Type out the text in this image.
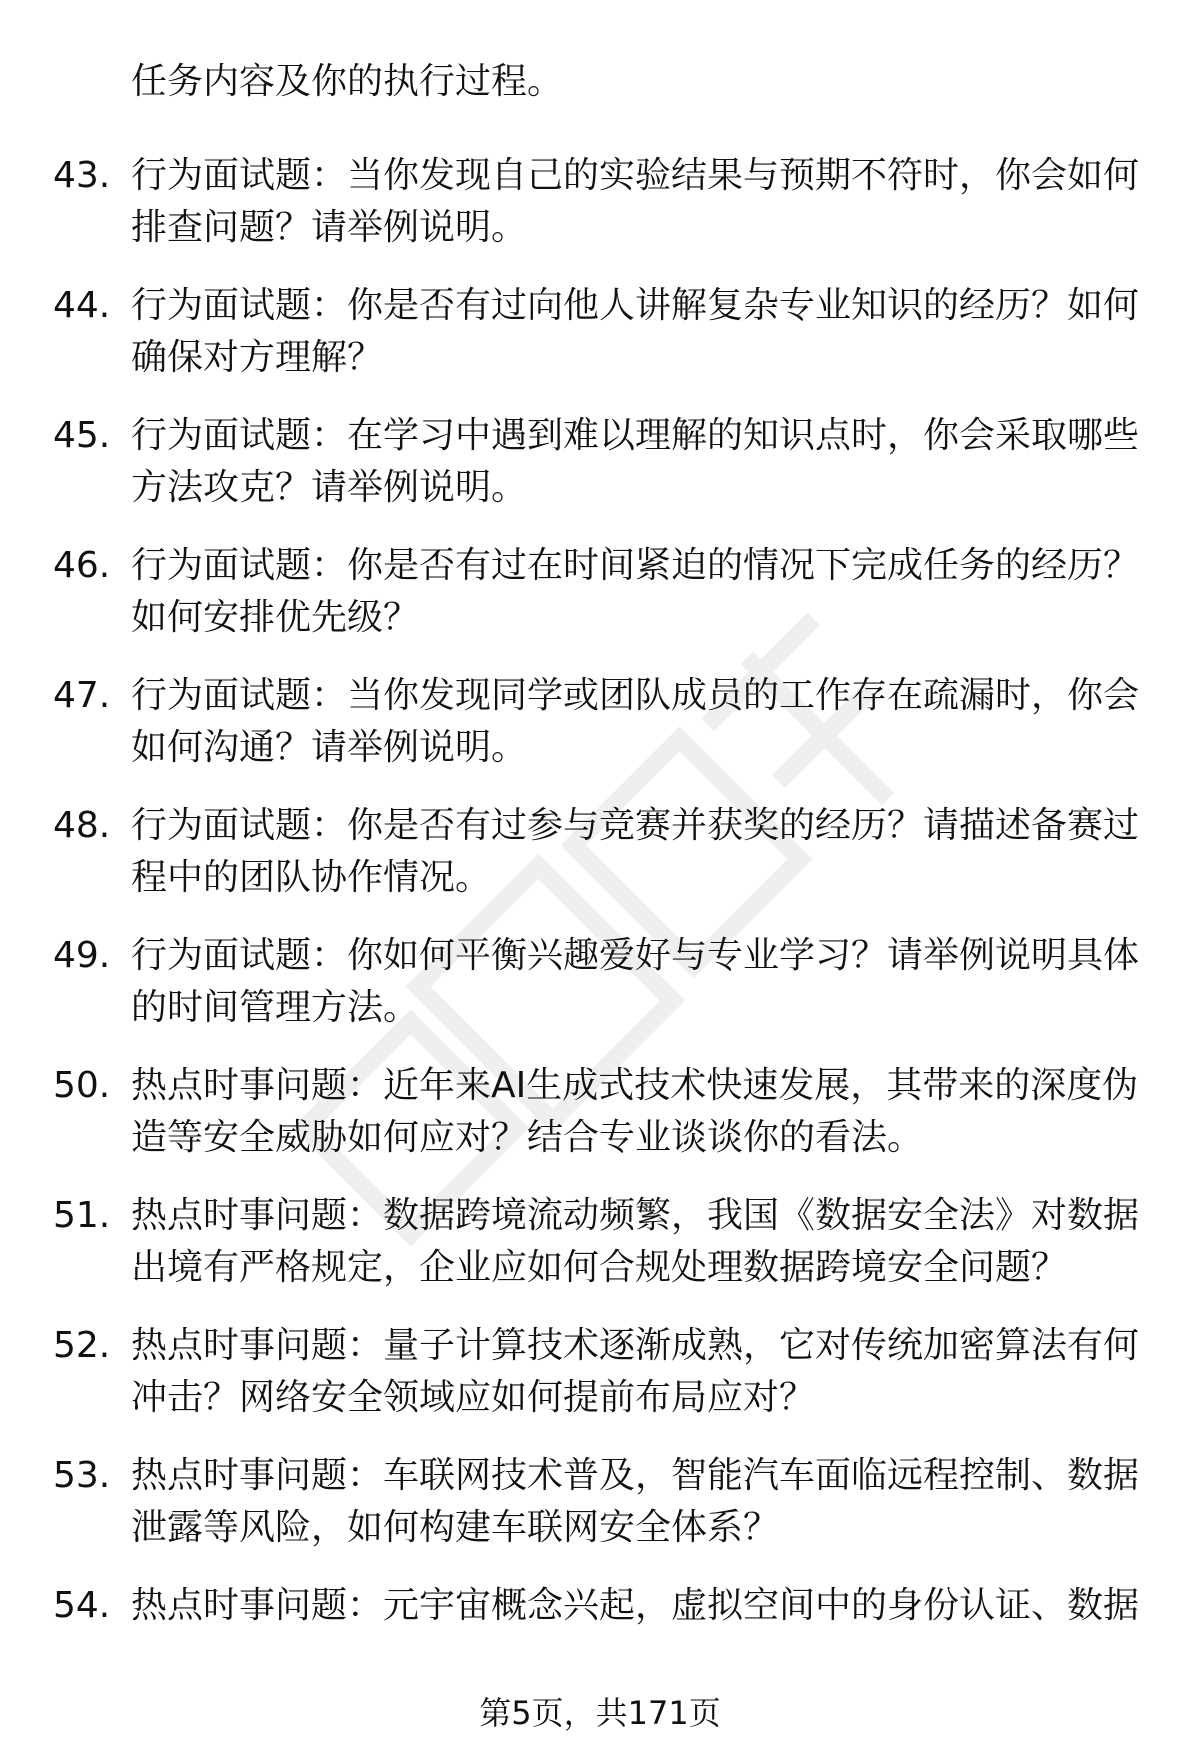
任务内容及你的执行过程。
43. 行为面试题：当你发现自己的实验结果与预期不符时，你会如何
排查问题？请举例说明。
44. 行为面试题：你是否有过向他人讲解复杂专业知识的经历？如何
确保对方理解？
45. 行为面试题：在学习中遇到难以理解的知识点时，你会采取哪些
方法攻克？请举例说明。
46. 行为面试题：你是否有过在时间紧迫的情况下完成任务的经历？
如何安排优先级？
47. 行为面试题：当你发现同学或团队成员的工作存在疏漏时，你会
如何沟通？请举例说明。
48. 行为面试题：你是否有过参与竞赛并获奖的经历？请描述备赛过
程中的团队协作情况。
49. 行为面试题：你如何平衡兴趣爱好与专业学习？请举例说明具体
的时间管理方法。
50. 热点时事问题：近年来AI生成式技术快速发展，其带来的深度伪
造等安全威胁如何应对？结合专业谈谈你的看法。
51. 热点时事问题：数据跨境流动频繁，我国《数据安全法》对数据
出境有严格规定，企业应如何合规处理数据跨境安全问题？
52. 热点时事问题：量子计算技术逐渐成熟，它对传统加密算法有何
冲击？网络安全领域应如何提前布局应对？
53. 热点时事问题：车联网技术普及，智能汽车面临远程控制、数据
泄露等风险，如何构建车联网安全体系？
54. 热点时事问题：元宇宙概念兴起，虚拟空间中的身份认证、数据
第5页，共171页
